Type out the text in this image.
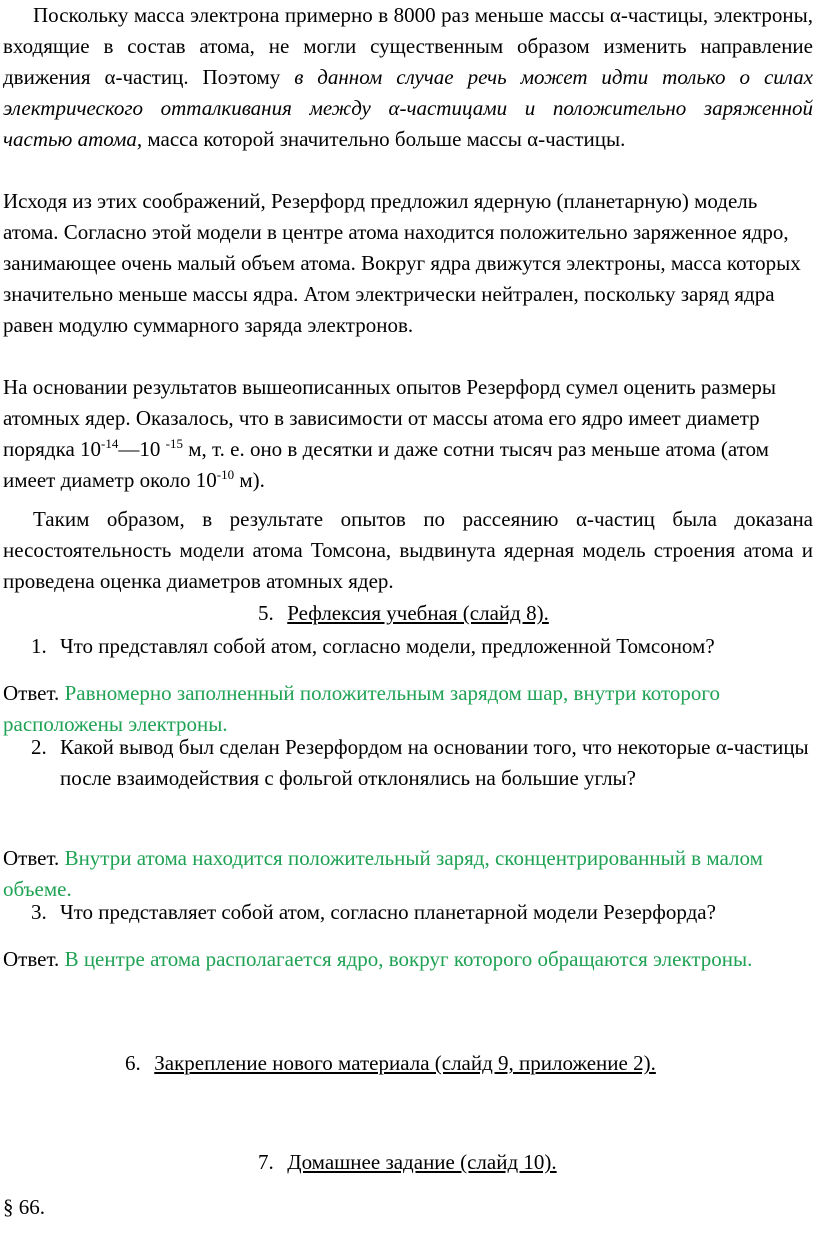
Поскольку масса электрона примерно в 8000 раз меньше массы α-частицы, электроны, входящие в состав атома, не могли существенным образом изменить направление движения α-частиц. Поэтому в данном случае речь может идти только о силах электрического отталкивания между α-частицами и положительно заряженной частью атома, масса которой значительно больше массы α-частицы.

Исходя из этих соображений, Резерфорд предложил ядерную (планетарную) модель атома. Согласно этой модели в центре атома находится положительно заряженное ядро, занимающее очень малый объем атома. Вокруг ядра движутся электроны, масса которых значительно меньше массы ядра. Атом электрически нейтрален, поскольку заряд ядра равен модулю суммарного заряда электронов.

На основании результатов вышеописанных опытов Резерфорд сумел оценить размеры атомных ядер. Оказалось, что в зависимости от массы атома его ядро имеет диаметр порядка $10^{-14}—10$ $^{-15}$ м, т. е. оно в десятки и даже сотни тысяч раз меньше атома (атом имеет диаметр около $10^{-10}$ м).

Таким образом, в результате опытов по рассеянию α-частиц была доказана несостоятельность модели атома Томсона, выдвинута ядерная модель строения атома и проведена оценка диаметров атомных ядер.

5. Рефлексия учебная (слайд 8).

1. Что представлял собой атом, согласно модели, предложенной Томсоном?

Ответ. Равномерно заполненный положительным зарядом шар, внутри которого расположены электроны.

2. Какой вывод был сделан Резерфордом на основании того, что некоторые α-частицы после взаимодействия с фольгой отклонялись на большие углы?

Ответ. Внутри атома находится положительный заряд, сконцентрированный в малом объеме.

3. Что представляет собой атом, согласно планетарной модели Резерфорда?

Ответ. В центре атома располагается ядро, вокруг которого обращаются электроны.

6. Закрепление нового материала (слайд 9, приложение 2).

7. Домашнее задание (слайд 10).

§ 66.
